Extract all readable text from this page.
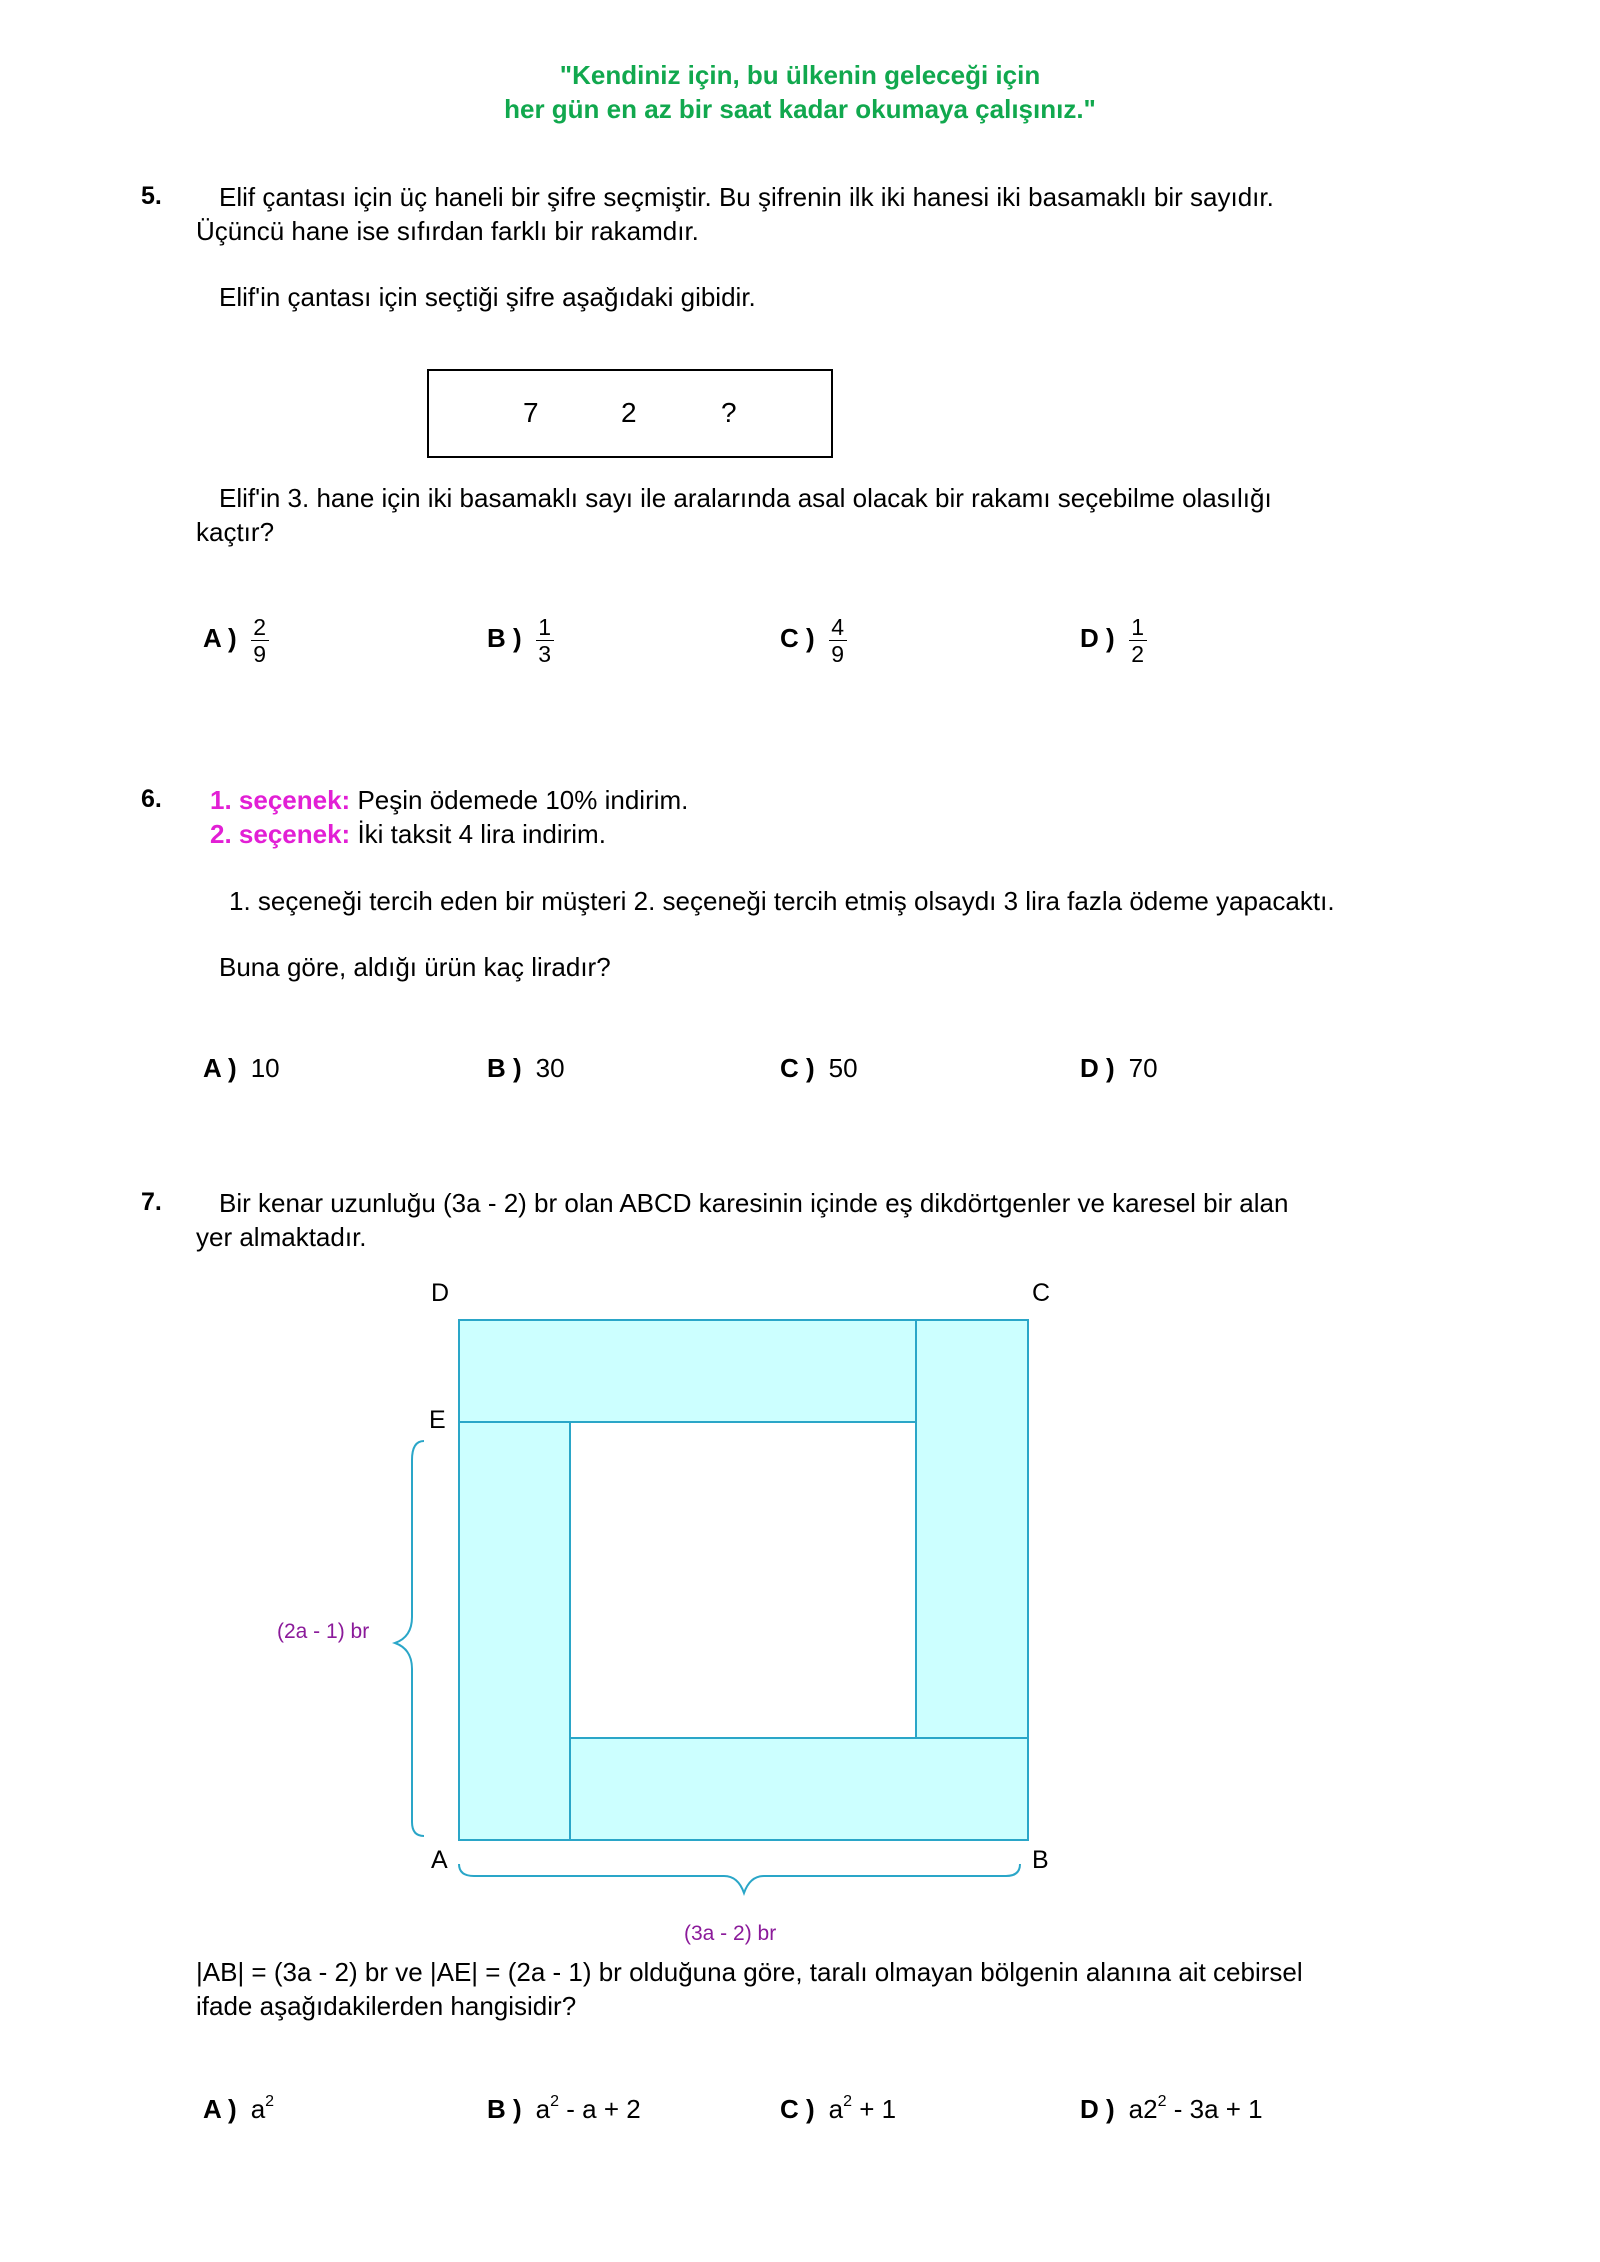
"Kendiniz için, bu ülkenin geleceği için
her gün en az bir saat kadar okumaya çalışınız."
5. Elif çantası için üç haneli bir şifre seçmiştir. Bu şifrenin ilk iki hanesi iki basamaklı bir sayıdır.
Üçüncü hane ise sıfırdan farklı bir rakamdır.
Elif'in çantası için seçtiği şifre aşağıdaki gibidir.
7	2	?
Elif'in 3. hane için iki basamaklı sayı ile aralarında asal olacak bir rakamı seçebilme olasılığı
kaçtır?
A ) $\frac{2}{9}$	B ) $\frac{1}{3}$	C ) $\frac{4}{9}$	D ) $\frac{1}{2}$
6. 1. seçenek: Peşin ödemede 10% indirim.
2. seçenek: İki taksit 4 lira indirim.
1. seçeneği tercih eden bir müşteri 2. seçeneği tercih etmiş olsaydı 3 lira fazla ödeme yapacaktı.
Buna göre, aldığı ürün kaç liradır?
A ) 10	B ) 30	C ) 50	D ) 70
7. Bir kenar uzunluğu (3a - 2) br olan ABCD karesinin içinde eş dikdörtgenler ve karesel bir alan
yer almaktadır.
D	C
E
A	B
(2a - 1) br
(3a - 2) br
|AB| = (3a - 2) br ve |AE| = (2a - 1) br olduğuna göre, taralı olmayan bölgenin alanına ait cebirsel
ifade aşağıdakilerden hangisidir?
A ) $a^2$	B ) $a^2 - a + 2$	C ) $a^2 + 1$	D ) $a2^2 - 3a + 1$
